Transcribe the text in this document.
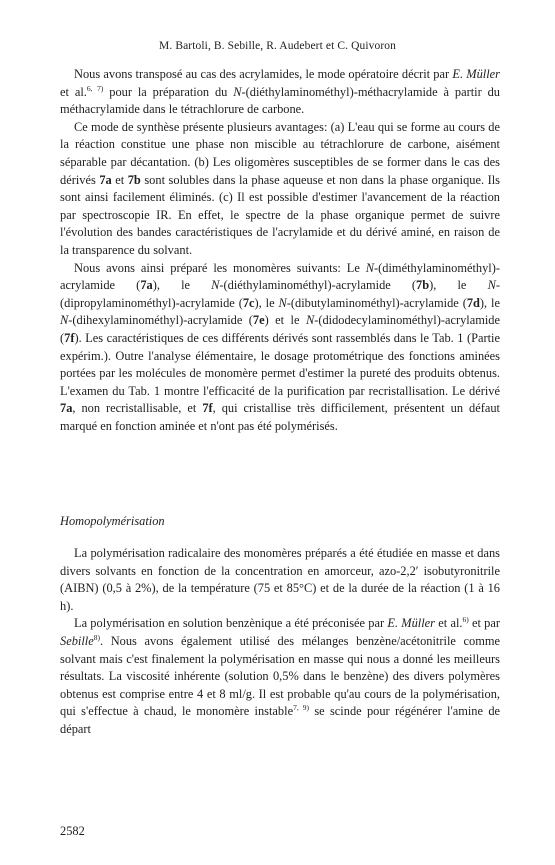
M. Bartoli, B. Sebille, R. Audebert et C. Quivoron

Nous avons transposé au cas des acrylamides, le mode opératoire décrit par E. Müller et al.$^{6, 7)}$ pour la préparation du N-(diéthylaminométhyl)-méthacrylamide à partir du méthacrylamide dans le tétrachlorure de carbone.

Ce mode de synthèse présente plusieurs avantages: (a) L'eau qui se forme au cours de la réaction constitue une phase non miscible au tétrachlorure de carbone, aisément séparable par décantation. (b) Les oligomères susceptibles de se former dans le cas des dérivés 7a et 7b sont solubles dans la phase aqueuse et non dans la phase organique. Ils sont ainsi facilement éliminés. (c) Il est possible d'estimer l'avancement de la réaction par spectroscopie IR. En effet, le spectre de la phase organique permet de suivre l'évolution des bandes caractéristiques de l'acrylamide et du dérivé aminé, en raison de la transparence du solvant.

Nous avons ainsi préparé les monomères suivants: Le N-(diméthylaminométhyl)-acrylamide (7a), le N-(diéthylaminométhyl)-acrylamide (7b), le N-(dipropylaminométhyl)-acrylamide (7c), le N-(dibutylaminométhyl)-acrylamide (7d), le N-(dihexylaminométhyl)-acrylamide (7e) et le N-(didodecylaminométhyl)-acrylamide (7f). Les caractéristiques de ces différents dérivés sont rassemblés dans le Tab. 1 (Partie expérim.). Outre l'analyse élémentaire, le dosage protométrique des fonctions aminées portées par les molécules de monomère permet d'estimer la pureté des produits obtenus. L'examen du Tab. 1 montre l'efficacité de la purification par recristallisation. Le dérivé 7a, non recristallisable, et 7f, qui cristallise très difficilement, présentent un défaut marqué en fonction aminée et n'ont pas été polymérisés.

Homopolymérisation

La polymérisation radicalaire des monomères préparés a été étudiée en masse et dans divers solvants en fonction de la concentration en amorceur, azo-2,2′ isobutyronitrile (AIBN) (0,5 à 2%), de la température (75 et 85°C) et de la durée de la réaction (1 à 16 h).

La polymérisation en solution benzènique a été préconisée par E. Müller et al.$^{6)}$ et par Sebille$^{8)}$. Nous avons également utilisé des mélanges benzène/acétonitrile comme solvant mais c'est finalement la polymérisation en masse qui nous a donné les meilleurs résultats. La viscosité inhérente (solution 0,5% dans le benzène) des divers polymères obtenus est comprise entre 4 et 8 ml/g. Il est probable qu'au cours de la polymérisation, qui s'effectue à chaud, le monomère instable$^{7, 9)}$ se scinde pour régénérer l'amine de départ

2582
